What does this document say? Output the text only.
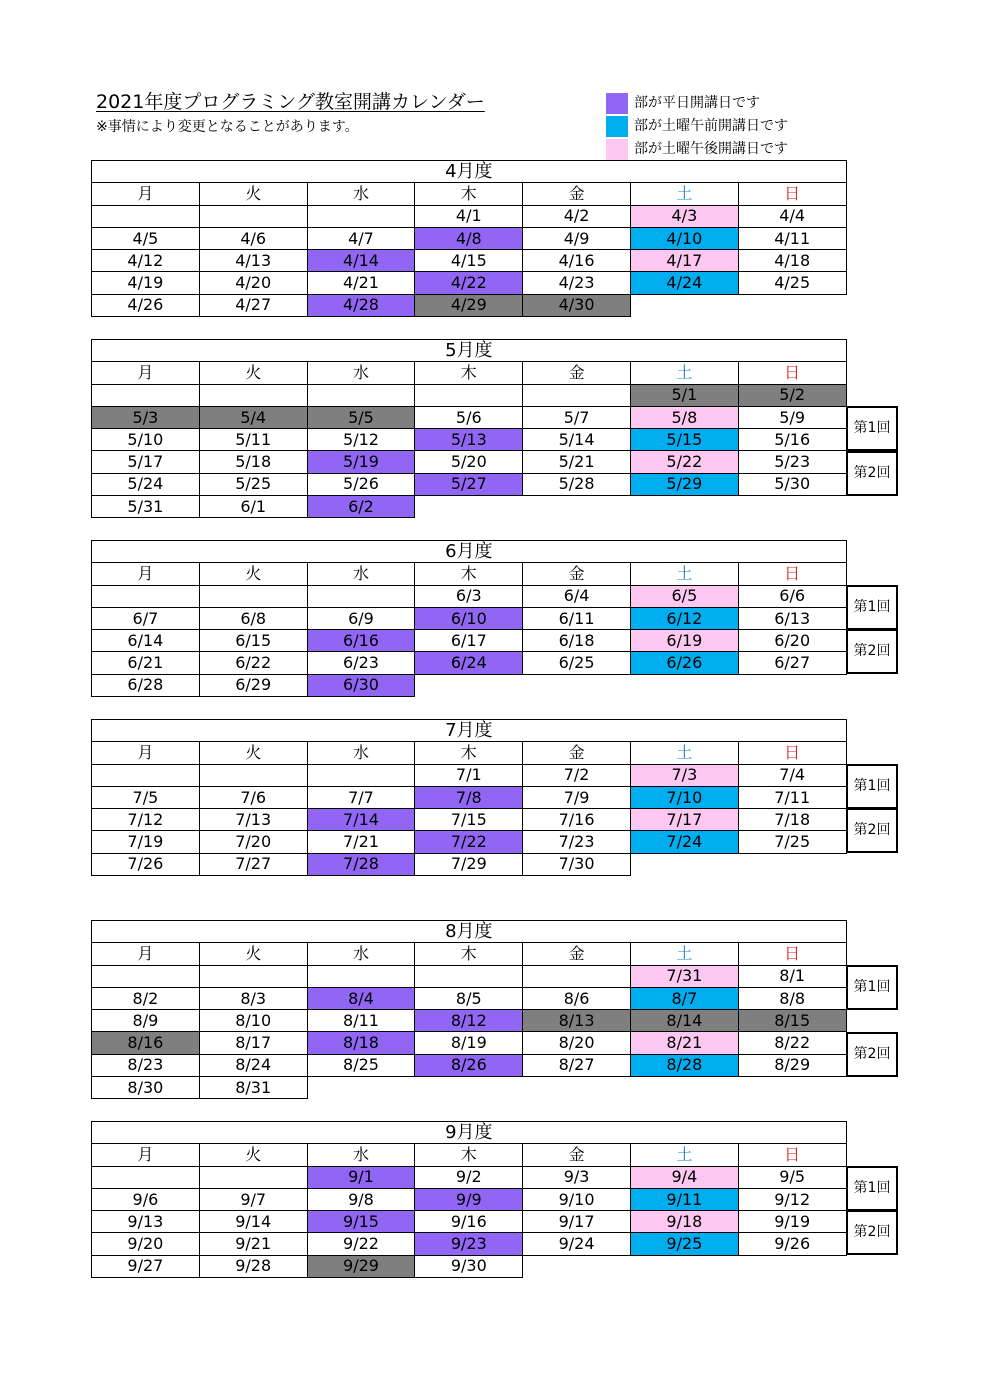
2021年度プログラミング教室開講カレンダー
※事情により変更となることがあります。
部が平日開講日です
部が土曜午前開講日です
部が土曜午後開講日です
4月度						
月	火	水	木	金	土	日
			4/1	4/2	4/3	4/4
4/5	4/6	4/7	4/8	4/9	4/10	4/11
4/12	4/13	4/14	4/15	4/16	4/17	4/18
4/19	4/20	4/21	4/22	4/23	4/24	4/25
4/26	4/27	4/28	4/29	4/30		
5月度						
月	火	水	木	金	土	日
					5/1	5/2
5/3	5/4	5/5	5/6	5/7	5/8	5/9
5/10	5/11	5/12	5/13	5/14	5/15	5/16
5/17	5/18	5/19	5/20	5/21	5/22	5/23
5/24	5/25	5/26	5/27	5/28	5/29	5/30
5/31	6/1	6/2				
第1回
第2回
6月度						
月	火	水	木	金	土	日
			6/3	6/4	6/5	6/6
6/7	6/8	6/9	6/10	6/11	6/12	6/13
6/14	6/15	6/16	6/17	6/18	6/19	6/20
6/21	6/22	6/23	6/24	6/25	6/26	6/27
6/28	6/29	6/30				
第1回
第2回
7月度						
月	火	水	木	金	土	日
			7/1	7/2	7/3	7/4
7/5	7/6	7/7	7/8	7/9	7/10	7/11
7/12	7/13	7/14	7/15	7/16	7/17	7/18
7/19	7/20	7/21	7/22	7/23	7/24	7/25
7/26	7/27	7/28	7/29	7/30		
第1回
第2回
8月度						
月	火	水	木	金	土	日
					7/31	8/1
8/2	8/3	8/4	8/5	8/6	8/7	8/8
8/9	8/10	8/11	8/12	8/13	8/14	8/15
8/16	8/17	8/18	8/19	8/20	8/21	8/22
8/23	8/24	8/25	8/26	8/27	8/28	8/29
8/30	8/31					
第1回
第2回
9月度						
月	火	水	木	金	土	日
		9/1	9/2	9/3	9/4	9/5
9/6	9/7	9/8	9/9	9/10	9/11	9/12
9/13	9/14	9/15	9/16	9/17	9/18	9/19
9/20	9/21	9/22	9/23	9/24	9/25	9/26
9/27	9/28	9/29	9/30			
第1回
第2回
